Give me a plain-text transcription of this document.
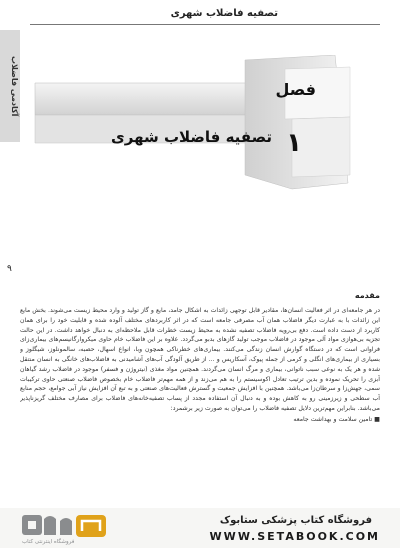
تصفیه فاضلاب شهری
آکادمی فاضلاب
۹
فصل
۱
تصفیه فاضلاب شهری
مقدمه
در هر جامعه‌ای در اثر فعالیت انسان‌ها، مقادیر قابل توجهی زائدات به اشکال جامد، مایع و گاز تولید و وارد محیط زیست می‌شوند. بخش مایع این زائدات با به عبارت دیگر فاضلاب همان آب مصرفی جامعه است که در اثر کاربردهای مختلف آلوده شده و قابلیت خود را برای همان کاربرد از دست داده است. دفع بی‌رویه فاضلاب تصفیه نشده به محیط زیست خطرات قابل ملاحظه‌ای به دنبال خواهد داشت. در این حالت تجزیه بی‌هوازی مواد آلی موجود در فاضلاب موجب تولید گازهای بدبو می‌گردد. علاوه بر این فاضلاب خام حاوی میکروارگانیسم‌های بیماری‌زای فراوانی است که در دستگاه گوارش انسان زندگی می‌کنند. بیماری‌های خطرناکی همچون وبا، انواع اسهال، حصبه، سالمونلوز، شیگلوز و بسیاری از بیماری‌های انگلی و کرمی از جمله پیوک، آسکاریس و ... از طریق آلودگی آب‌های آشامیدنی به فاضلاب‌های خانگی به انسان منتقل شده و هر یک به نوعی سبب ناتوانی، بیماری و مرگ انسان می‌گردند. همچنین مواد مغذی (نیتروژن و فسفر) موجود در فاضلاب رشد گیاهان آبزی را تحریک نموده و بدین ترتیب تعادل اکوسیستم را به هم می‌زند و از همه مهم‌تر فاضلاب خام بخصوص فاضلاب صنعتی حاوی ترکیبات سمی، جهش‌زا و سرطان‌زا می‌باشد. همچنین با افزایش جمعیت و گسترش فعالیت‌های صنعتی و به تبع آن افزایش نیاز آبی جوامع، حجم منابع آب سطحی و زیرزمینی رو به کاهش بوده و به دنبال آن استفاده مجدد از پساب تصفیه‌خانه‌های فاضلاب برای مصارف مختلف گریزناپذیر می‌باشد. بنابراین مهم‌ترین دلایل تصفیه فاضلاب را می‌توان به صورت زیر برشمرد:
■ تامین سلامت و بهداشت جامعه
فروشگاه اینترنتی کتاب
فروشگاه کتاب پزشکی ستابوک
WWW.SETABOOK.COM
